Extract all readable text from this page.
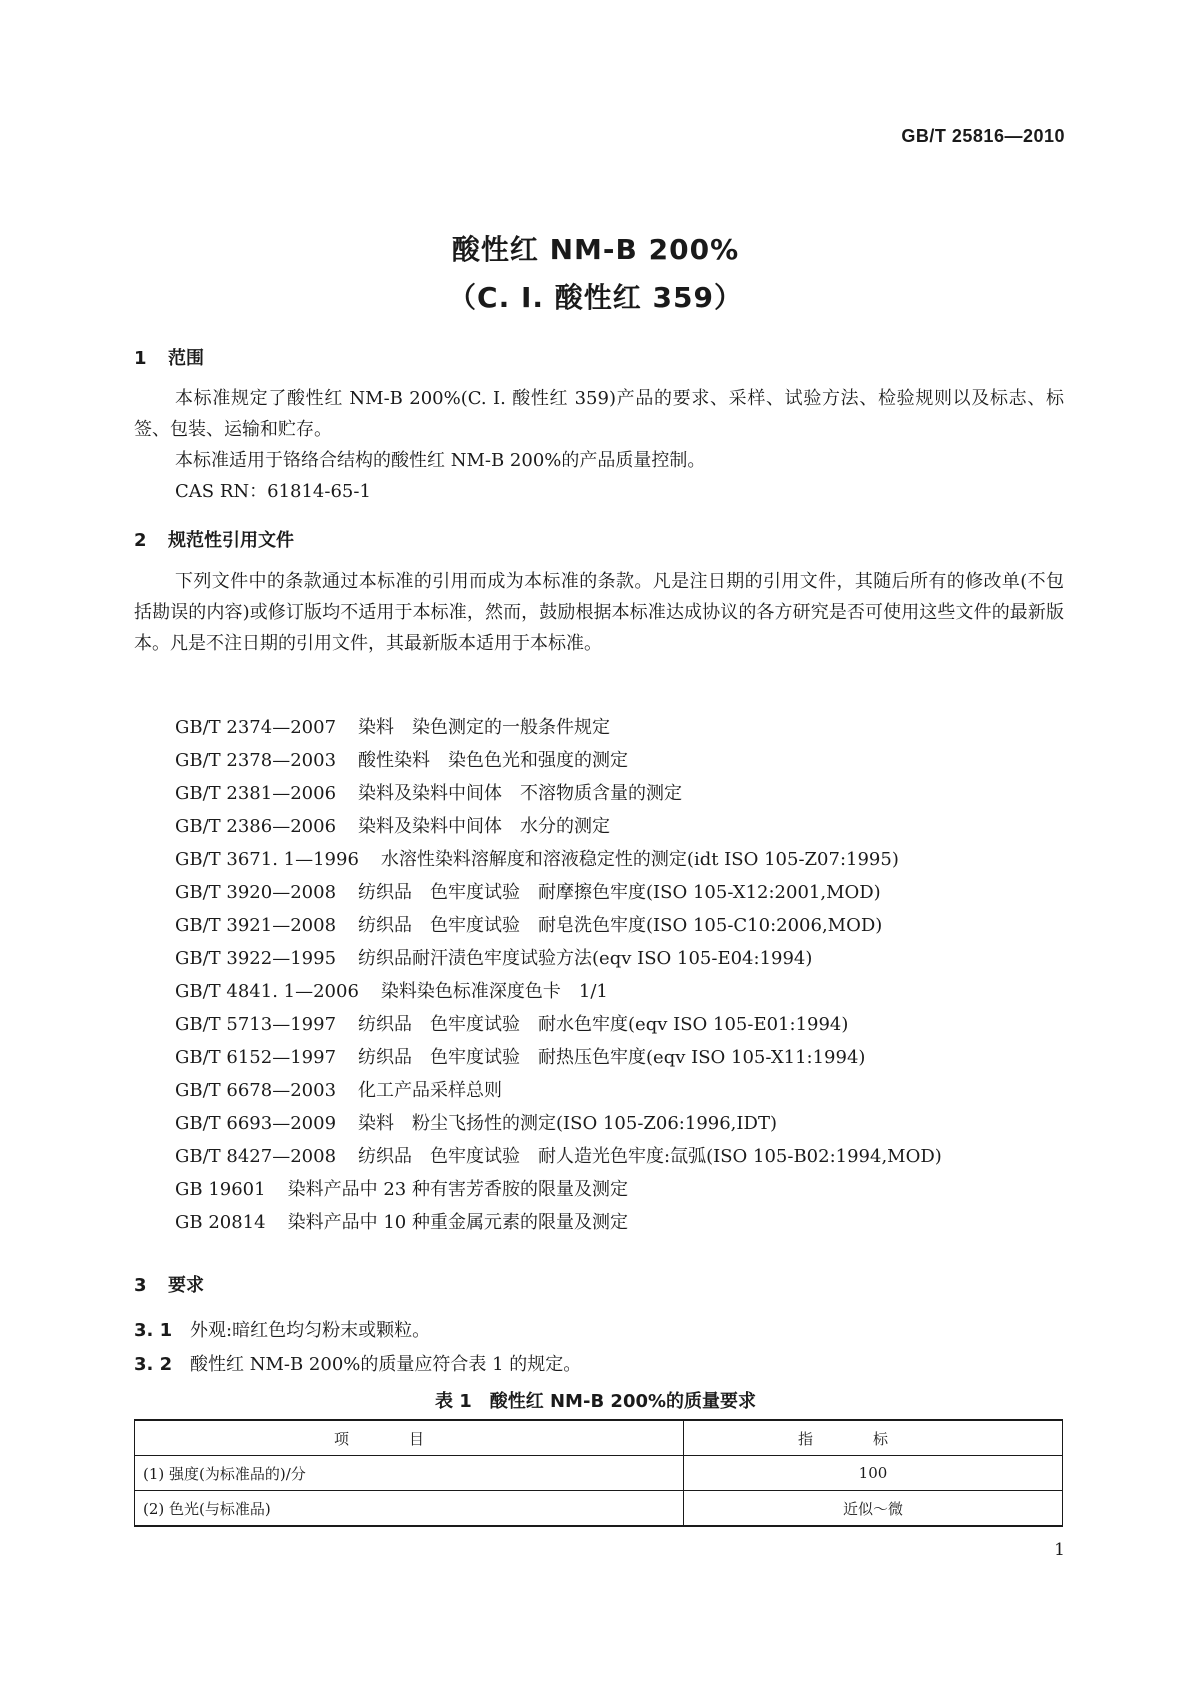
GB/T 25816—2010
酸性红 NM-B 200%
（C. I. 酸性红 359）
1 范围

本标准规定了酸性红 NM-B 200%(C. I. 酸性红 359)产品的要求、采样、试验方法、检验规则以及标志、标签、包装、运输和贮存。

本标准适用于铬络合结构的酸性红 NM-B 200%的产品质量控制。

CAS RN：61814-65-1

2 规范性引用文件

下列文件中的条款通过本标准的引用而成为本标准的条款。凡是注日期的引用文件，其随后所有的修改单(不包括勘误的内容)或修订版均不适用于本标准，然而，鼓励根据本标准达成协议的各方研究是否可使用这些文件的最新版本。凡是不注日期的引用文件，其最新版本适用于本标准。

GB/T 2374—2007 染料　染色测定的一般条件规定
GB/T 2378—2003 酸性染料　染色色光和强度的测定
GB/T 2381—2006 染料及染料中间体　不溶物质含量的测定
GB/T 2386—2006 染料及染料中间体　水分的测定
GB/T 3671. 1—1996 水溶性染料溶解度和溶液稳定性的测定(idt ISO 105-Z07:1995)
GB/T 3920—2008 纺织品　色牢度试验　耐摩擦色牢度(ISO 105-X12:2001,MOD)
GB/T 3921—2008 纺织品　色牢度试验　耐皂洗色牢度(ISO 105-C10:2006,MOD)
GB/T 3922—1995 纺织品耐汗渍色牢度试验方法(eqv ISO 105-E04:1994)
GB/T 4841. 1—2006 染料染色标准深度色卡　1/1
GB/T 5713—1997 纺织品　色牢度试验　耐水色牢度(eqv ISO 105-E01:1994)
GB/T 6152—1997 纺织品　色牢度试验　耐热压色牢度(eqv ISO 105-X11:1994)
GB/T 6678—2003 化工产品采样总则
GB/T 6693—2009 染料　粉尘飞扬性的测定(ISO 105-Z06:1996,IDT)
GB/T 8427—2008 纺织品　色牢度试验　耐人造光色牢度:氙弧(ISO 105-B02:1994,MOD)
GB 19601 染料产品中 23 种有害芳香胺的限量及测定
GB 20814 染料产品中 10 种重金属元素的限量及测定
3 要求
3. 1 外观:暗红色均匀粉末或颗粒。
3. 2 酸性红 NM-B 200%的质量应符合表 1 的规定。
表 1　酸性红 NM-B 200%的质量要求
项目	指标
(1) 强度(为标准品的)/分	100
(2) 色光(与标准品)	近似～微
1
